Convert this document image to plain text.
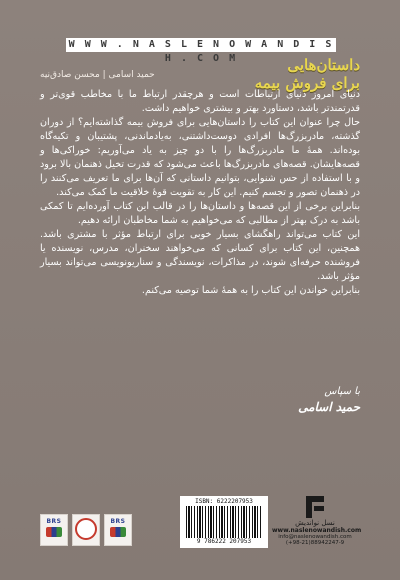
W W W . N A S L E N O W A N D I S H . C O M	داستان‌هایی
برای فروش بیمه
حمید اسامی | محسن صادق‌نیه

دنیای امروز دنیای ارتباطات است و هرچقدر ارتباط ما با مخاطب قوی‌تر و قدرتمندتر باشد، دستاورد بهتر و بیشتری خواهیم داشت.

حال چرا عنوان این کتاب را داستان‌هایی برای فروش بیمه گذاشته‌ایم؟ از دوران گذشته، مادربزرگ‌ها افرادی دوست‌داشتنی، به‌یادماندنی، پشتیبان و تکیه‌گاه بوده‌اند. همهٔ ما مادربزرگ‌ها را با دو چیز به یاد می‌آوریم: خوراکی‌ها و قصه‌هایشان. قصه‌های مادربزرگ‌ها باعث می‌شود که قدرت تخیل ذهنمان بالا برود و با استفاده از حس شنوایی، بتوانیم داستانی که آن‌ها برای ما تعریف می‌کنند را در ذهنمان تصور و تجسم کنیم. این کار به تقویت قوهٔ خلاقیت ما کمک می‌کند.

بنابراین برخی از این قصه‌ها و داستان‌ها را در قالب این کتاب آورده‌ایم تا کمکی باشد به درک بهتر از مطالبی که می‌خواهیم به شما مخاطبان ارائه دهیم.

این کتاب می‌تواند راهگشای بسیار خوبی برای ارتباط مؤثر با مشتری باشد. همچنین، این کتاب برای کسانی که می‌خواهند سخنران، مدرس، نویسنده یا فروشنده حرفه‌ای شوند، در مذاکرات، نویسندگی و سناریونویسی می‌تواند بسیار مؤثر باشد.

بنابراین خواندن این کتاب را به همهٔ شما توصیه می‌کنم.

با سپاس
حمید اسامی
BRS	BRS
ISBN: 6222207953
9 786222 207953
نسل نواندیش
www.naslenowandish.com
info@naslenowandish.com
(+98-21)88942247-9
